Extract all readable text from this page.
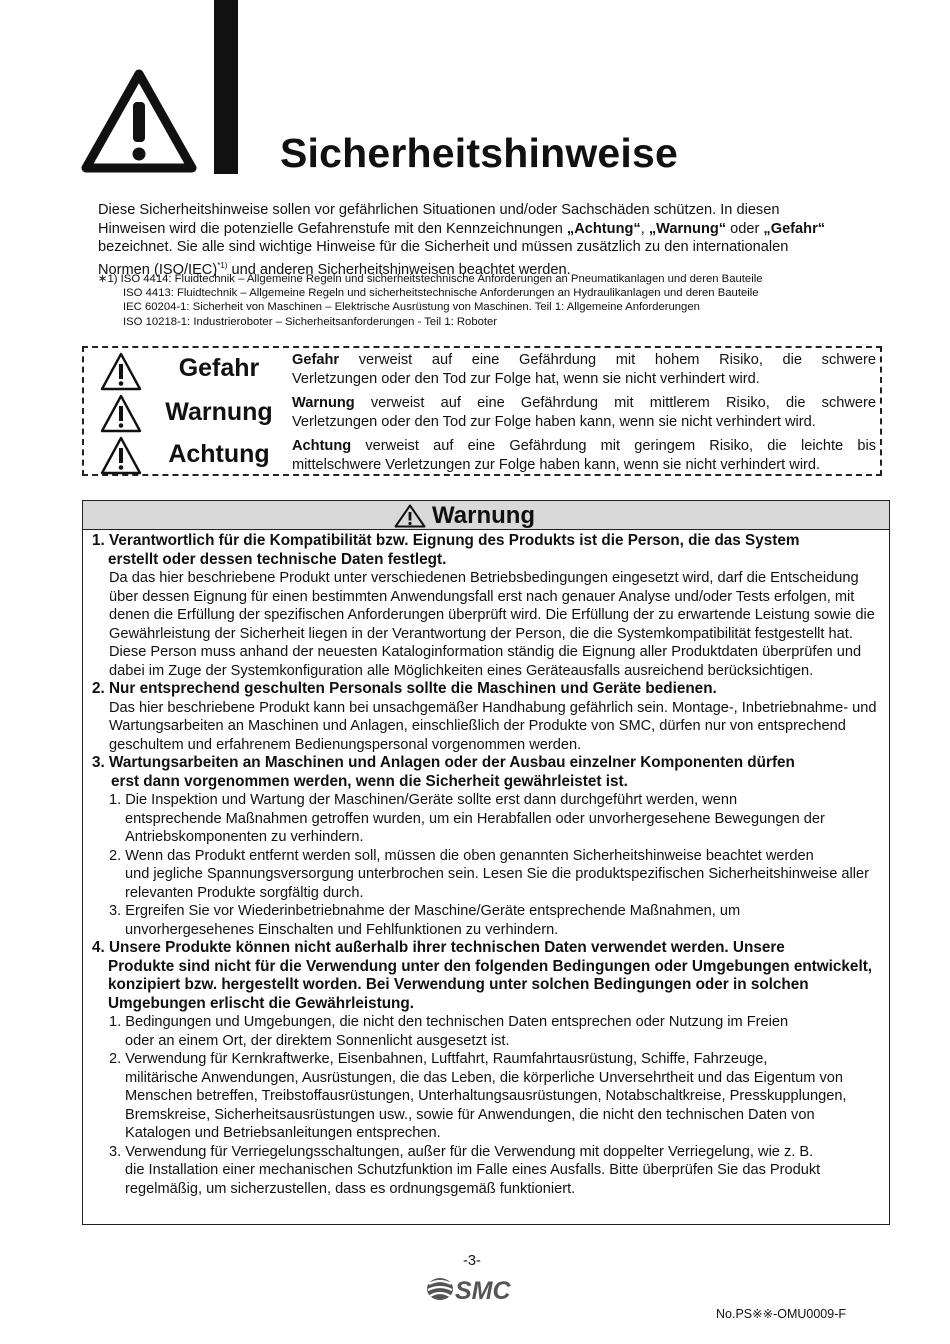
Sicherheitshinweise
Diese Sicherheitshinweise sollen vor gefährlichen Situationen und/oder Sachschäden schützen. In diesen Hinweisen wird die potenzielle Gefahrenstufe mit den Kennzeichnungen „Achtung“, „Warnung“ oder „Gefahr“ bezeichnet. Sie alle sind wichtige Hinweise für die Sicherheit und müssen zusätzlich zu den internationalen Normen $(ISO/IEC)^{*1)}$ und anderen Sicherheitshinweisen beachtet werden.
∗1) ISO 4414: Fluidtechnik – Allgemeine Regeln und sicherheitstechnische Anforderungen an Pneumatikanlagen und deren Bauteile
ISO 4413: Fluidtechnik – Allgemeine Regeln und sicherheitstechnische Anforderungen an Hydraulikanlagen und deren Bauteile
IEC 60204-1: Sicherheit von Maschinen – Elektrische Ausrüstung von Maschinen. Teil 1: Allgemeine Anforderungen
ISO 10218-1: Industrieroboter – Sicherheitsanforderungen - Teil 1: Roboter
Gefahr	Gefahr verweist auf eine Gefährdung mit hohem Risiko, die schwere
Verletzungen oder den Tod zur Folge hat, wenn sie nicht verhindert wird.
Warnung	Warnung verweist auf eine Gefährdung mit mittlerem Risiko, die schwere
Verletzungen oder den Tod zur Folge haben kann, wenn sie nicht verhindert wird.
Achtung	Achtung verweist auf eine Gefährdung mit geringem Risiko, die leichte bis
mittelschwere Verletzungen zur Folge haben kann, wenn sie nicht verhindert wird.
Warnung
1. Verantwortlich für die Kompatibilität bzw. Eignung des Produkts ist die Person, die das System
erstellt oder dessen technische Daten festlegt.
Da das hier beschriebene Produkt unter verschiedenen Betriebsbedingungen eingesetzt wird, darf die Entscheidung über dessen Eignung für einen bestimmten Anwendungsfall erst nach genauer Analyse und/oder Tests erfolgen, mit denen die Erfüllung der spezifischen Anforderungen überprüft wird. Die Erfüllung der zu erwartende Leistung sowie die Gewährleistung der Sicherheit liegen in der Verantwortung der Person, die die Systemkompatibilität festgestellt hat. Diese Person muss anhand der neuesten Kataloginformation ständig die Eignung aller Produktdaten überprüfen und dabei im Zuge der Systemkonfiguration alle Möglichkeiten eines Geräteausfalls ausreichend berücksichtigen.
2. Nur entsprechend geschulten Personals sollte die Maschinen und Geräte bedienen.
Das hier beschriebene Produkt kann bei unsachgemäßer Handhabung gefährlich sein. Montage-, Inbetriebnahme- und Wartungsarbeiten an Maschinen und Anlagen, einschließlich der Produkte von SMC, dürfen nur von entsprechend geschultem und erfahrenem Bedienungspersonal vorgenommen werden.
3. Wartungsarbeiten an Maschinen und Anlagen oder der Ausbau einzelner Komponenten dürfen
erst dann vorgenommen werden, wenn die Sicherheit gewährleistet ist.
1. Die Inspektion und Wartung der Maschinen/Geräte sollte erst dann durchgeführt werden, wenn
entsprechende Maßnahmen getroffen wurden, um ein Herabfallen oder unvorhergesehene Bewegungen der Antriebskomponenten zu verhindern.
2. Wenn das Produkt entfernt werden soll, müssen die oben genannten Sicherheitshinweise beachtet werden
und jegliche Spannungsversorgung unterbrochen sein. Lesen Sie die produktspezifischen Sicherheitshinweise aller relevanten Produkte sorgfältig durch.
3. Ergreifen Sie vor Wiederinbetriebnahme der Maschine/Geräte entsprechende Maßnahmen, um
unvorhergesehenes Einschalten und Fehlfunktionen zu verhindern.
4. Unsere Produkte können nicht außerhalb ihrer technischen Daten verwendet werden. Unsere
Produkte sind nicht für die Verwendung unter den folgenden Bedingungen oder Umgebungen entwickelt, konzipiert bzw. hergestellt worden. Bei Verwendung unter solchen Bedingungen oder in solchen Umgebungen erlischt die Gewährleistung.
1. Bedingungen und Umgebungen, die nicht den technischen Daten entsprechen oder Nutzung im Freien
oder an einem Ort, der direktem Sonnenlicht ausgesetzt ist.
2. Verwendung für Kernkraftwerke, Eisenbahnen, Luftfahrt, Raumfahrtausrüstung, Schiffe, Fahrzeuge,
militärische Anwendungen, Ausrüstungen, die das Leben, die körperliche Unversehrtheit und das Eigentum von Menschen betreffen, Treibstoffausrüstungen, Unterhaltungsausrüstungen, Notabschaltkreise, Presskupplungen, Bremskreise, Sicherheitsausrüstungen usw., sowie für Anwendungen, die nicht den technischen Daten von Katalogen und Betriebsanleitungen entsprechen.
3. Verwendung für Verriegelungsschaltungen, außer für die Verwendung mit doppelter Verriegelung, wie z. B.
die Installation einer mechanischen Schutzfunktion im Falle eines Ausfalls. Bitte überprüfen Sie das Produkt regelmäßig, um sicherzustellen, dass es ordnungsgemäß funktioniert.
-3-
SMC
No.PS※※-OMU0009-F
